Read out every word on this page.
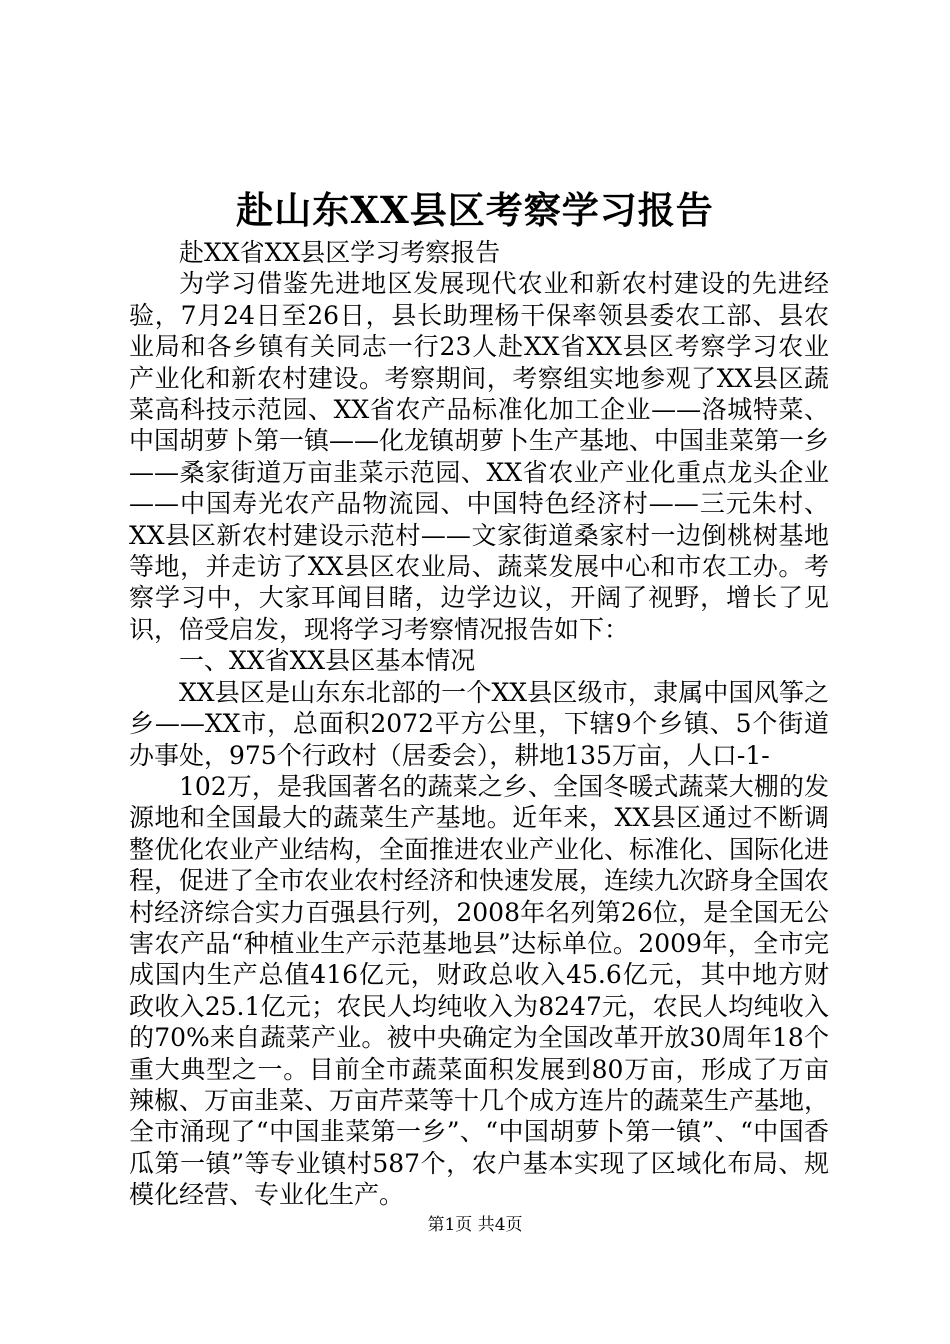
赴山东XX县区考察学习报告

赴XX省XX县区学习考察报告

为学习借鉴先进地区发展现代农业和新农村建设的先进经验，7月24日至26日，县长助理杨干保率领县委农工部、县农业局和各乡镇有关同志一行23人赴XX省XX县区考察学习农业产业化和新农村建设。考察期间，考察组实地参观了XX县区蔬菜高科技示范园、XX省农产品标准化加工企业——洛城特菜、中国胡萝卜第一镇——化龙镇胡萝卜生产基地、中国韭菜第一乡——桑家街道万亩韭菜示范园、XX省农业产业化重点龙头企业——中国寿光农产品物流园、中国特色经济村——三元朱村、XX县区新农村建设示范村——文家街道桑家村一边倒桃树基地等地，并走访了XX县区农业局、蔬菜发展中心和市农工办。考察学习中，大家耳闻目睹，边学边议，开阔了视野，增长了见识，倍受启发，现将学习考察情况报告如下：

一、XX省XX县区基本情况

XX县区是山东东北部的一个XX县区级市，隶属中国风筝之乡——XX市，总面积2072平方公里，下辖9个乡镇、5个街道办事处，975个行政村（居委会），耕地135万亩，人口-1-

102万，是我国著名的蔬菜之乡、全国冬暖式蔬菜大棚的发源地和全国最大的蔬菜生产基地。近年来，XX县区通过不断调整优化农业产业结构，全面推进农业产业化、标准化、国际化进程，促进了全市农业农村经济和快速发展，连续九次跻身全国农村经济综合实力百强县行列，2008年名列第26位，是全国无公害农产品“种植业生产示范基地县”达标单位。2009年，全市完成国内生产总值416亿元，财政总收入45.6亿元，其中地方财政收入25.1亿元；农民人均纯收入为8247元，农民人均纯收入的70%来自蔬菜产业。被中央确定为全国改革开放30周年18个重大典型之一。目前全市蔬菜面积发展到80万亩，形成了万亩辣椒、万亩韭菜、万亩芹菜等十几个成方连片的蔬菜生产基地，全市涌现了“中国韭菜第一乡”、“中国胡萝卜第一镇”、“中国香瓜第一镇”等专业镇村587个，农户基本实现了区域化布局、规模化经营、专业化生产。

第1页 共4页
